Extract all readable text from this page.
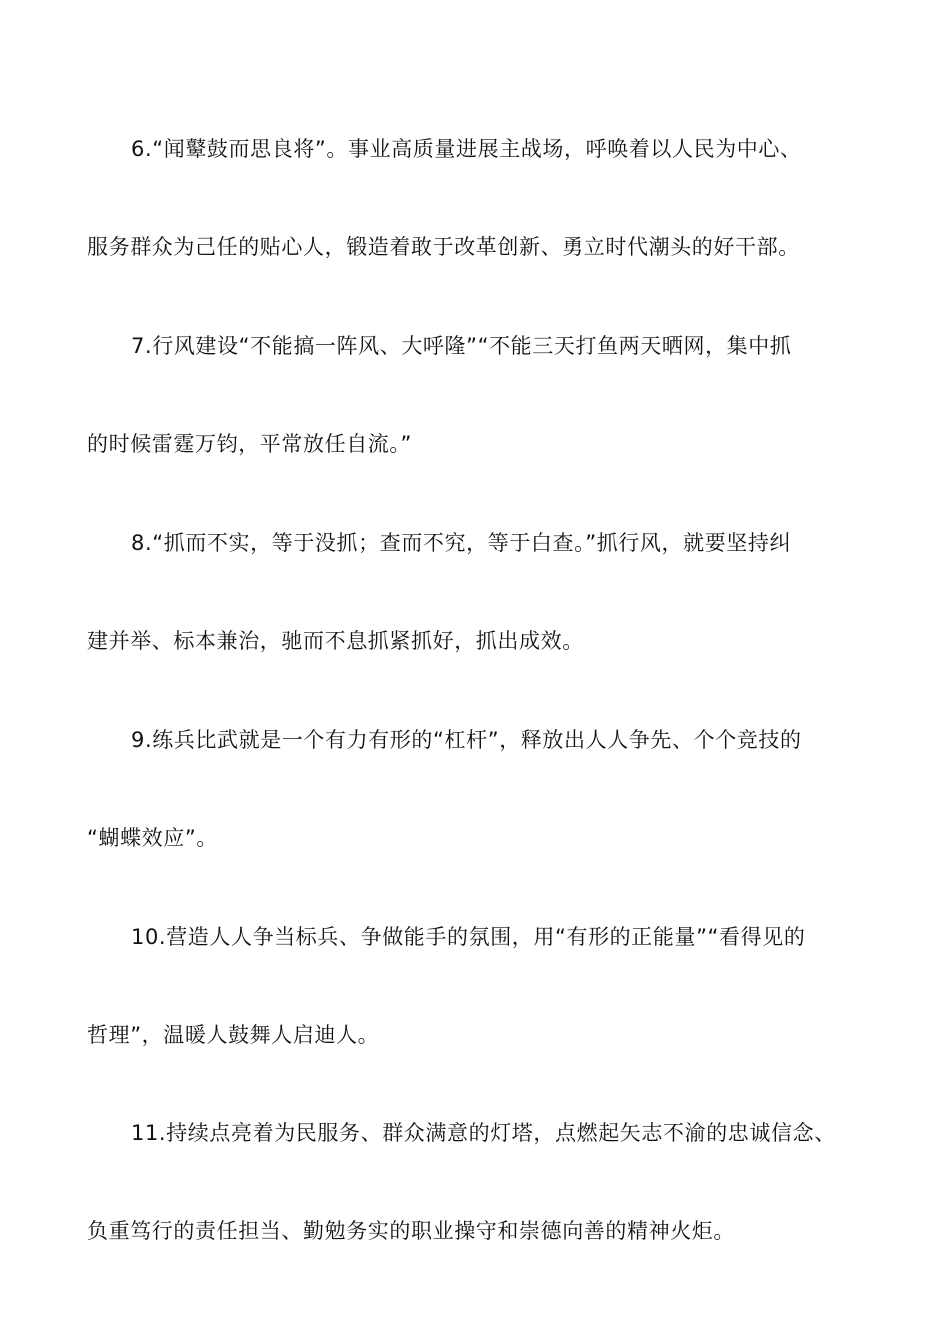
6.“闻鼙鼓而思良将”。事业高质量进展主战场，呼唤着以人民为中心、
服务群众为己任的贴心人，锻造着敢于改革创新、勇立时代潮头的好干部。

7.行风建设“不能搞一阵风、大呼隆”“不能三天打鱼两天晒网，集中抓
的时候雷霆万钧，平常放任自流。”

8.“抓而不实，等于没抓；查而不究，等于白查。”抓行风，就要坚持纠
建并举、标本兼治，驰而不息抓紧抓好，抓出成效。

9.练兵比武就是一个有力有形的“杠杆”，释放出人人争先、个个竞技的
“蝴蝶效应”。

10.营造人人争当标兵、争做能手的氛围，用“有形的正能量”“看得见的
哲理”，温暖人鼓舞人启迪人。

11.持续点亮着为民服务、群众满意的灯塔，点燃起矢志不渝的忠诚信念、
负重笃行的责任担当、勤勉务实的职业操守和崇德向善的精神火炬。
